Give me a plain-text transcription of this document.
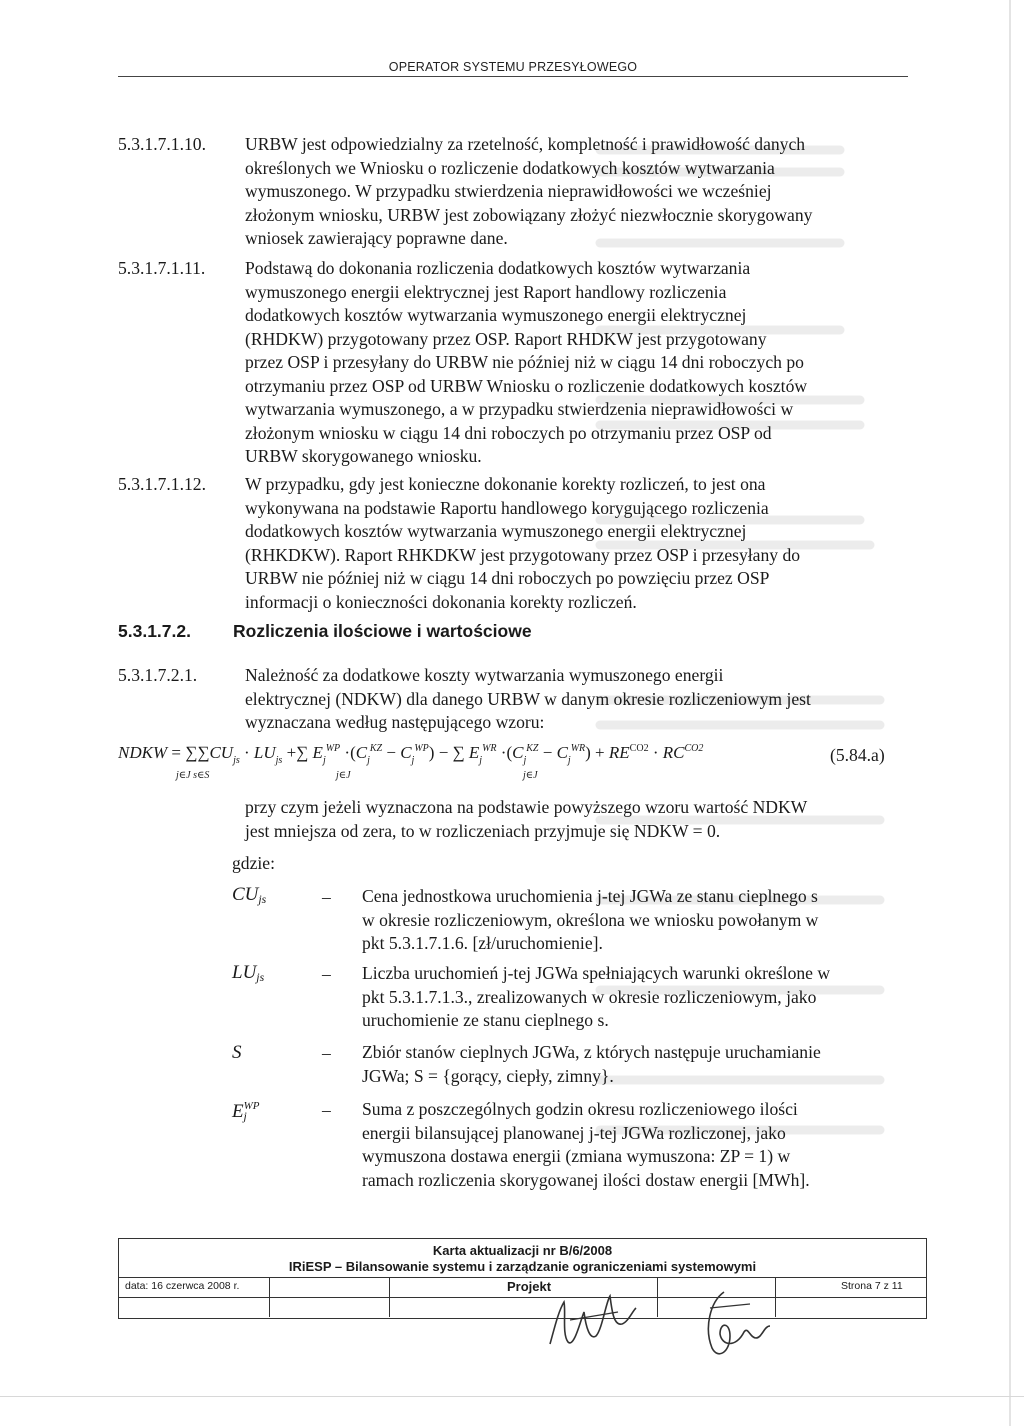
OPERATOR SYSTEMU PRZESYŁOWEGO
5.3.1.7.1.10. URBW jest odpowiedzialny za rzetelność, kompletność i prawidłowość danych
określonych we Wniosku o rozliczenie dodatkowych kosztów wytwarzania
wymuszonego. W przypadku stwierdzenia nieprawidłowości we wcześniej
złożonym wniosku, URBW jest zobowiązany złożyć niezwłocznie skorygowany
wniosek zawierający poprawne dane.
5.3.1.7.1.11. Podstawą do dokonania rozliczenia dodatkowych kosztów wytwarzania
wymuszonego energii elektrycznej jest Raport handlowy rozliczenia
dodatkowych kosztów wytwarzania wymuszonego energii elektrycznej
(RHDKW) przygotowany przez OSP. Raport RHDKW jest przygotowany
przez OSP i przesyłany do URBW nie później niż w ciągu 14 dni roboczych po
otrzymaniu przez OSP od URBW Wniosku o rozliczenie dodatkowych kosztów
wytwarzania wymuszonego, a w przypadku stwierdzenia nieprawidłowości w
złożonym wniosku w ciągu 14 dni roboczych po otrzymaniu przez OSP od
URBW skorygowanego wniosku.
5.3.1.7.1.12. W przypadku, gdy jest konieczne dokonanie korekty rozliczeń, to jest ona
wykonywana na podstawie Raportu handlowego korygującego rozliczenia
dodatkowych kosztów wytwarzania wymuszonego energii elektrycznej
(RHKDKW). Raport RHKDKW jest przygotowany przez OSP i przesyłany do
URBW nie później niż w ciągu 14 dni roboczych po powzięciu przez OSP
informacji o konieczności dokonania korekty rozliczeń.
5.3.1.7.2. Rozliczenia ilościowe i wartościowe
5.3.1.7.2.1.	Należność za dodatkowe koszty wytwarzania wymuszonego energii
elektrycznej (NDKW) dla danego URBW w danym okresie rozliczeniowym jest
wyznaczana według następującego wzoru:
NDKW = $\sum\sum CU_{js} \cdot LU_{js}$ +∑ $E_j^{WP} \cdot(C_j^{KZ} - C_j^{WP})$ − ∑ $E_j^{WR} \cdot(C_j^{KZ} - C_j^{WR}) + RE^{CO2} \cdot RC^{CO2}$
j∈J s∈S	j∈J	j∈J
(5.84.a)
przy czym jeżeli wyznaczona na podstawie powyższego wzoru wartość NDKW
jest mniejsza od zera, to w rozliczeniach przyjmuje się NDKW = 0.
gdzie:
$CU_{js}$	– Cena jednostkowa uruchomienia j-tej JGWa ze stanu cieplnego s
w okresie rozliczeniowym, określona we wniosku powołanym w
pkt 5.3.1.7.1.6. [zł/uruchomienie].
$LU_{js}$	– Liczba uruchomień j-tej JGWa spełniających warunki określone w
pkt 5.3.1.7.1.3., zrealizowanych w okresie rozliczeniowym, jako
uruchomienie ze stanu cieplnego s.
S	– Zbiór stanów cieplnych JGWa, z których następuje uruchamianie
JGWa; S = {gorący, ciepły, zimny}.
$E^{WP}_j$	– Suma z poszczególnych godzin okresu rozliczeniowego ilości
energii bilansującej planowanej j-tej JGWa rozliczonej, jako
wymuszona dostawa energii (zmiana wymuszona: ZP = 1) w
ramach rozliczenia skorygowanej ilości dostaw energii [MWh].
Karta aktualizacji nr B/6/2008
IRiESP – Bilansowanie systemu i zarządzanie ograniczeniami systemowymi
data: 16 czerwca 2008 r.	Projekt	Strona 7 z 11
